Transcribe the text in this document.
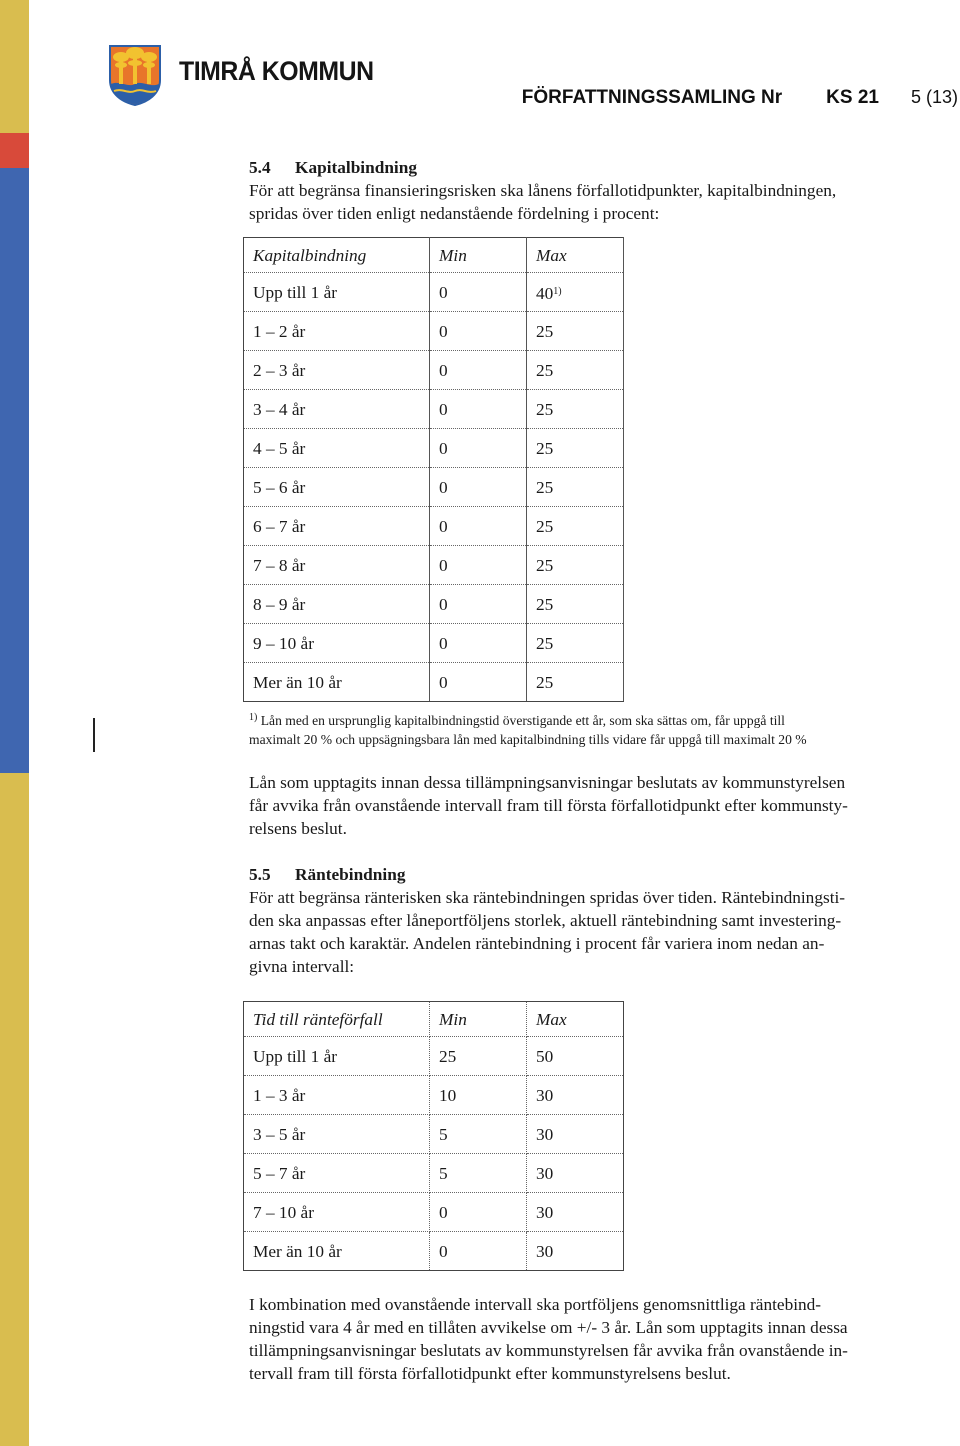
TIMRÅ KOMMUN
FÖRFATTNINGSSAMLING Nr KS 21 5 (13)

5.4 Kapitalbindning

För att begränsa finansieringsrisken ska lånens förfallotidpunkter, kapitalbindningen,
spridas över tiden enligt nedanstående fördelning i procent:

Kapitalbindning	Min	Max
Upp till 1 år	0	40$^{1)}$
1 – 2 år	0	25
2 – 3 år	0	25
3 – 4 år	0	25
4 – 5 år	0	25
5 – 6 år	0	25
6 – 7 år	0	25
7 – 8 år	0	25
8 – 9 år	0	25
9 – 10 år	0	25
Mer än 10 år	0	25

$^{1)}$ Lån med en ursprunglig kapitalbindningstid överstigande ett år, som ska sättas om, får uppgå till
maximalt 20 % och uppsägningsbara lån med kapitalbindning tills vidare får uppgå till maximalt 20 %

Lån som upptagits innan dessa tillämpningsanvisningar beslutats av kommunstyrelsen
får avvika från ovanstående intervall fram till första förfallotidpunkt efter kommunsty-
relsens beslut.

5.5 Räntebindning

För att begränsa ränterisken ska räntebindningen spridas över tiden. Räntebindningsti-
den ska anpassas efter låneportföljens storlek, aktuell räntebindning samt investering-
arnas takt och karaktär. Andelen räntebindning i procent får variera inom nedan an-
givna intervall:

Tid till ränteförfall	Min	Max
Upp till 1 år	25	50
1 – 3 år	10	30
3 – 5 år	5	30
5 – 7 år	5	30
7 – 10 år	0	30
Mer än 10 år	0	30

I kombination med ovanstående intervall ska portföljens genomsnittliga räntebind-
ningstid vara 4 år med en tillåten avvikelse om +/- 3 år. Lån som upptagits innan dessa
tillämpningsanvisningar beslutats av kommunstyrelsen får avvika från ovanstående in-
tervall fram till första förfallotidpunkt efter kommunstyrelsens beslut.
